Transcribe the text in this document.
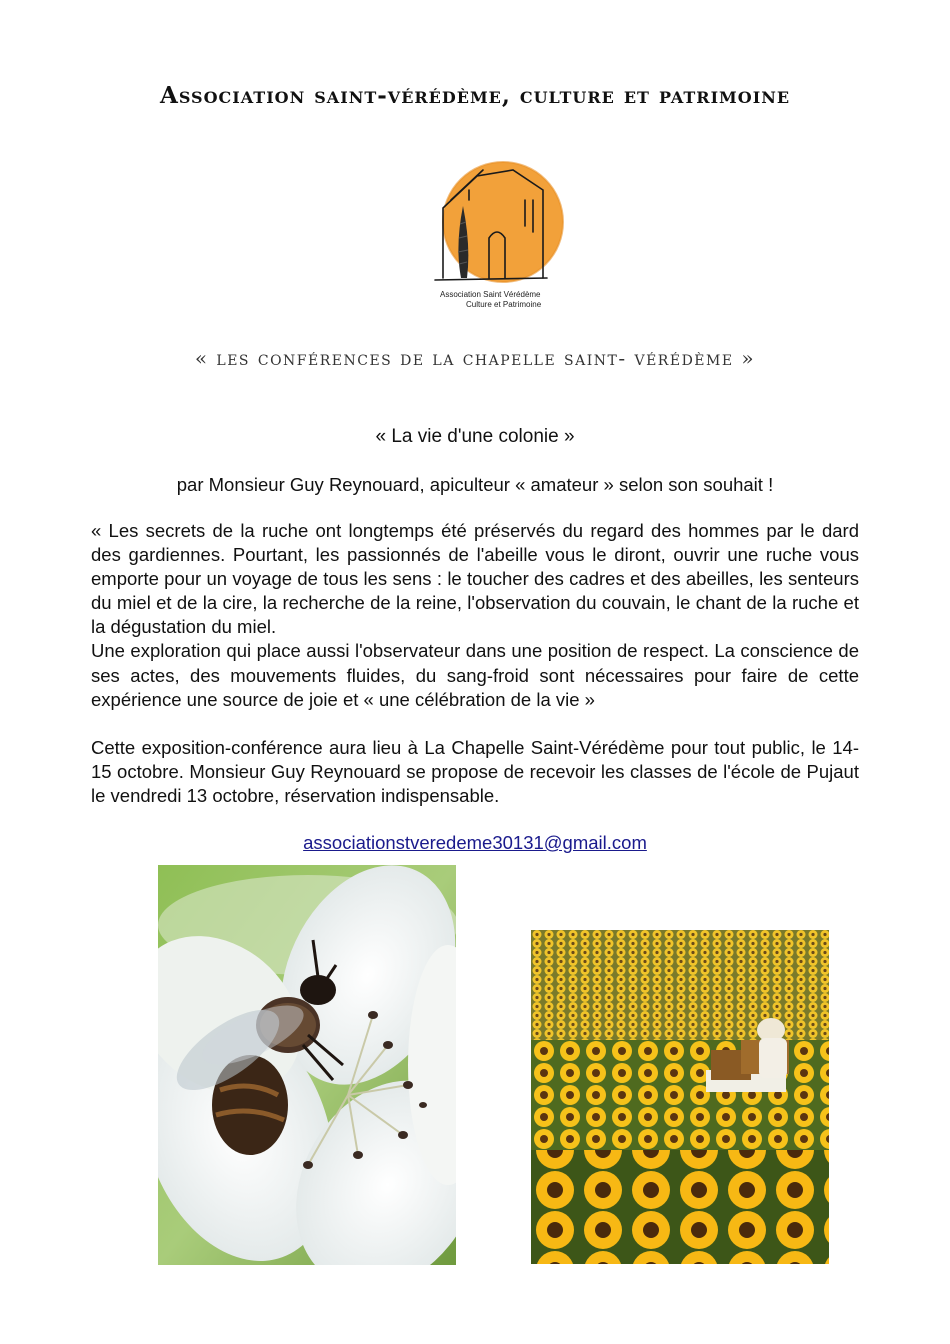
Association saint-vérédème, culture et patrimoine
Association Saint Vérédème
Culture et Patrimoine
« les conférences de la chapelle saint- vérédème »
« La vie d'une colonie »
par Monsieur Guy Reynouard, apiculteur « amateur » selon son souhait !

« Les secrets de la ruche ont longtemps été préservés du regard des hommes par le dard des gardiennes. Pourtant, les passionnés de l'abeille vous le diront, ouvrir une ruche vous emporte pour un voyage de tous les sens : le toucher des cadres et des abeilles, les senteurs du miel et de la cire, la recherche de la reine, l'observation du couvain, le chant de la ruche et la dégustation du miel.

Une exploration qui place aussi l'observateur dans une position de respect. La conscience de ses actes, des mouvements fluides, du sang-froid sont nécessaires pour faire de cette expérience une source de joie et « une célébration de la vie »

Cette exposition-conférence aura lieu à La Chapelle Saint-Vérédème pour tout public, le 14-15 octobre. Monsieur Guy Reynouard se propose de recevoir les classes de l'école de Pujaut le vendredi 13 octobre, réservation indispensable.

associationstveredeme30131@gmail.com
